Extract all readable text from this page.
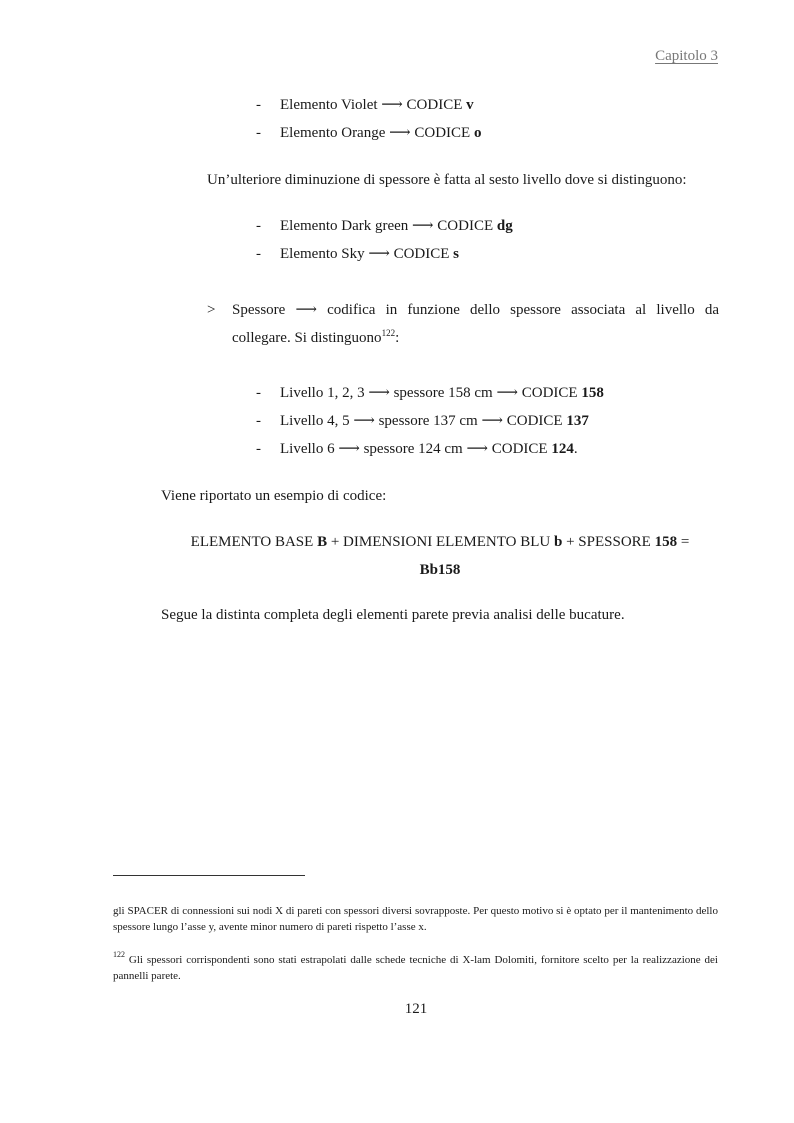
Capitolo 3
- Elemento Violet ⟶ CODICE v
- Elemento Orange ⟶ CODICE o
Un’ulteriore diminuzione di spessore è fatta al sesto livello dove si distinguono:
- Elemento Dark green ⟶ CODICE dg
- Elemento Sky ⟶ CODICE s
> Spessore ⟶ codifica in funzione dello spessore associata al livello da
collegare. Si distinguono$^{122}$:
- Livello 1, 2, 3 ⟶ spessore 158 cm ⟶ CODICE 158
- Livello 4, 5 ⟶ spessore 137 cm ⟶ CODICE 137
- Livello 6 ⟶ spessore 124 cm ⟶ CODICE 124.
Viene riportato un esempio di codice:
ELEMENTO BASE B + DIMENSIONI ELEMENTO BLU b + SPESSORE 158 =
Bb158
Segue la distinta completa degli elementi parete previa analisi delle bucature.
gli SPACER di connessioni sui nodi X di pareti con spessori diversi sovrapposte. Per questo motivo si è optato per il mantenimento dello spessore lungo l’asse y, avente minor numero di pareti rispetto l’asse x.
$^{122}$ Gli spessori corrispondenti sono stati estrapolati dalle schede tecniche di X-lam Dolomiti, fornitore scelto per la realizzazione dei pannelli parete.
121
